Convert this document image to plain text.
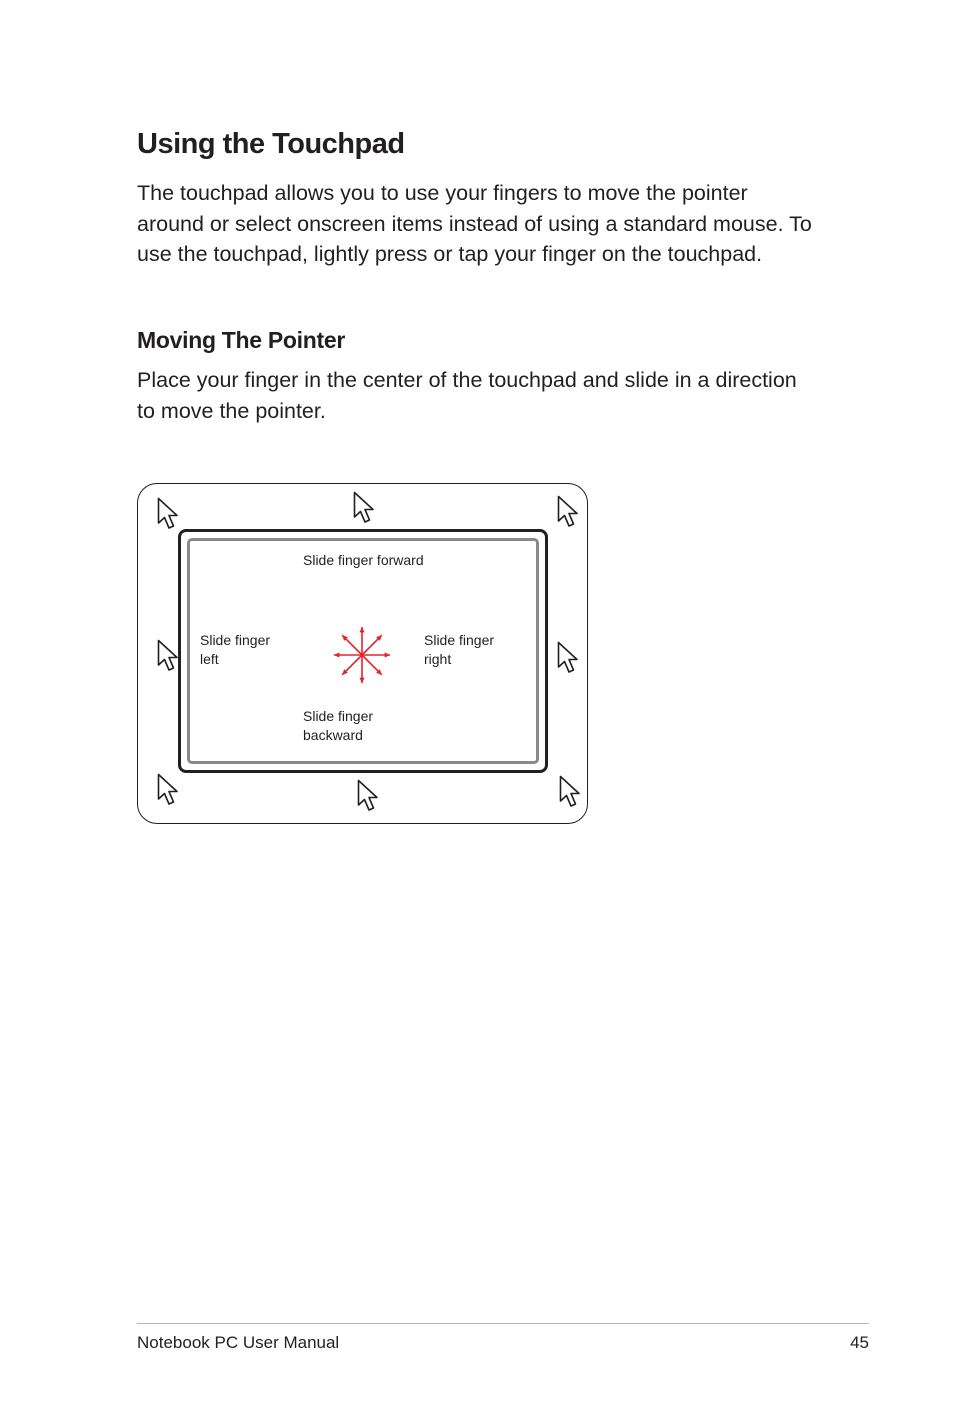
Using the Touchpad

The touchpad allows you to use your fingers to move the pointer around or select onscreen items instead of using a standard mouse. To use the touchpad, lightly press or tap your finger on the touchpad.

Moving The Pointer

Place your finger in the center of the touchpad and slide in a direction to move the pointer.

Slide finger forward

Slide finger
left

Slide finger
right

Slide finger
backward

Notebook PC User Manual	45
